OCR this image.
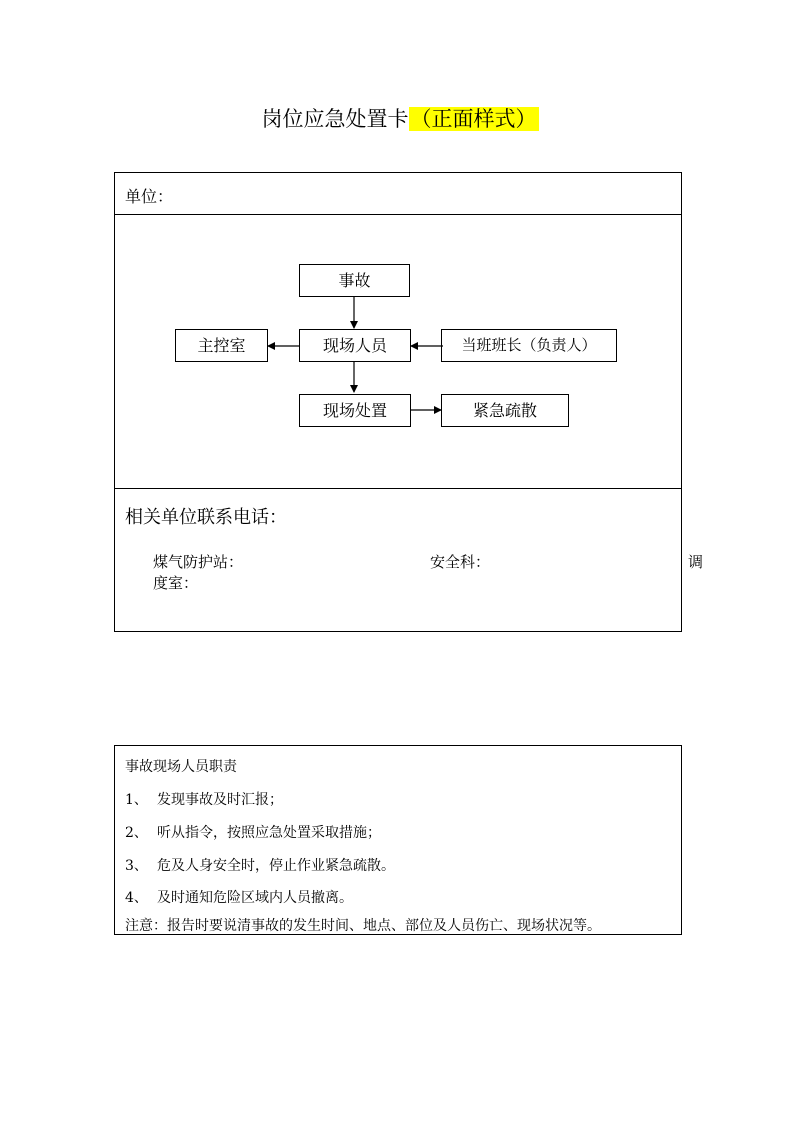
岗位应急处置卡（正面样式）
单位：
事故
主控室	现场人员	当班班长（负责人）
现场处置	紧急疏散
相关单位联系电话：
煤气防护站：	安全科：	调
度室：
事故现场人员职责
1、 发现事故及时汇报；
2、 听从指令，按照应急处置采取措施；
3、 危及人身安全时，停止作业紧急疏散。
4、 及时通知危险区域内人员撤离。
注意：报告时要说清事故的发生时间、地点、部位及人员伤亡、现场状况等。
